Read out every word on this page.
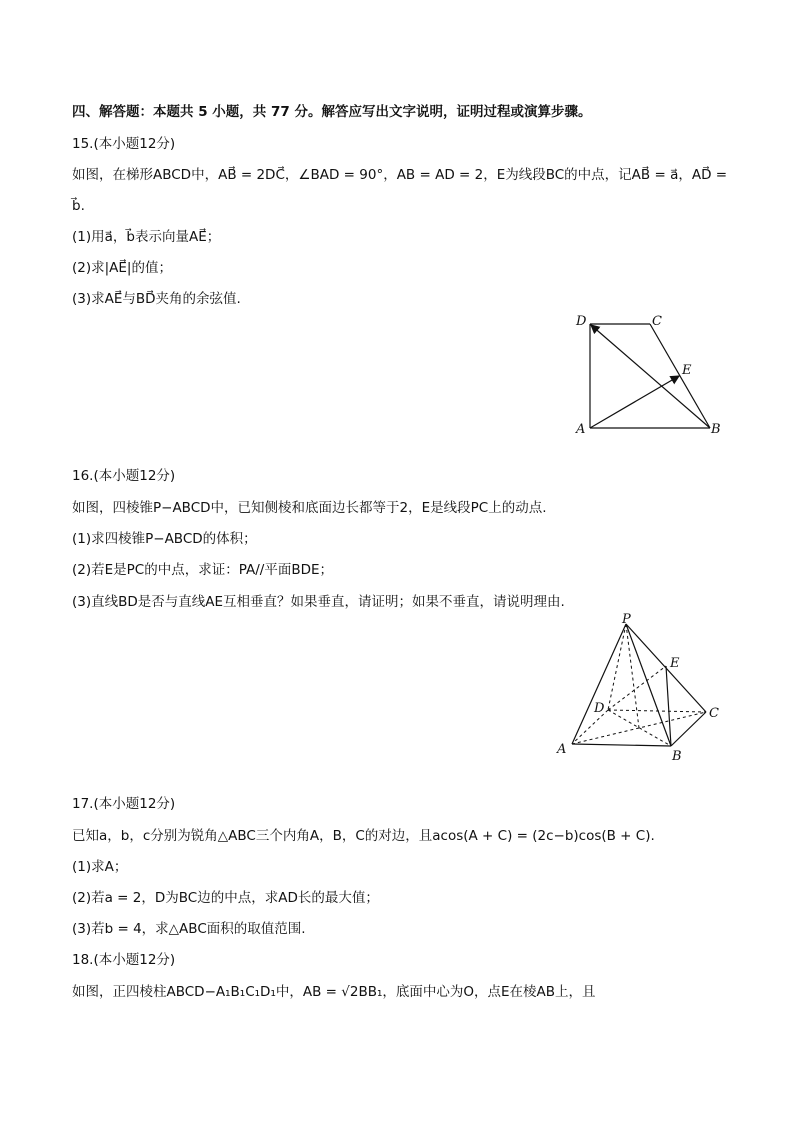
四、解答题：本题共 5 小题，共 77 分。解答应写出文字说明，证明过程或演算步骤。
15.(本小题12分)
如图，在梯形ABCD中，AB⃗ = 2DC⃗，∠BAD = 90°，AB = AD = 2，E为线段BC的中点，记AB⃗ = a⃗，AD⃗ =
b⃗.
(1)用a⃗，b⃗表示向量AE⃗；
(2)求|AE⃗|的值；
(3)求AE⃗与BD⃗夹角的余弦值.
D	C
E
A	B
16.(本小题12分)
如图，四棱锥P−ABCD中，已知侧棱和底面边长都等于2，E是线段PC上的动点.
(1)求四棱锥P−ABCD的体积；
(2)若E是PC的中点，求证：PA//平面BDE；
(3)直线BD是否与直线AE互相垂直？如果垂直，请证明；如果不垂直，请说明理由.
P
E
D	C
A	B
17.(本小题12分)
已知a，b，c分别为锐角△ABC三个内角A，B，C的对边，且acos(A + C) = (2c−b)cos(B + C).
(1)求A；
(2)若a = 2，D为BC边的中点，求AD长的最大值；
(3)若b = 4，求△ABC面积的取值范围.
18.(本小题12分)
如图，正四棱柱ABCD−A₁B₁C₁D₁中，AB = √2BB₁，底面中心为O，点E在棱AB上，且
